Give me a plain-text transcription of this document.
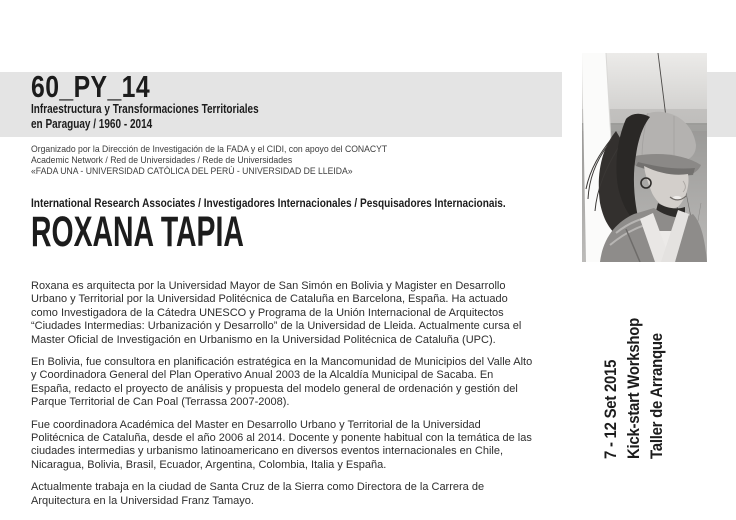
60_PY_14
Infraestructura y Transformaciones Territoriales
en Paraguay / 1960 - 2014
Organizado por la Dirección de Investigación de la FADA y el CIDI, con apoyo del CONACYT
Academic Network / Red de Universidades / Rede de Universidades
«FADA UNA - UNIVERSIDAD CATÓLICA DEL PERÚ - UNIVERSIDAD DE LLEIDA»
International Research Associates / Investigadores Internacionales / Pesquisadores Internacionais.
ROXANA TAPIA

Roxana es arquitecta por la Universidad Mayor de San Simón en Bolivia y Magister en Desarrollo Urbano y Territorial por la Universidad Politécnica de Cataluña en Barcelona, España. Ha actuado como Investigadora de la Cátedra UNESCO y Programa de la Unión Internacional de Arquitectos “Ciudades Intermedias: Urbanización y Desarrollo” de la Universidad de Lleida. Actualmente cursa el Master Oficial de Investigación en Urbanismo en la Universidad Politécnica de Cataluña (UPC).

En Bolivia, fue consultora en planificación estratégica en la Mancomunidad de Municipios del Valle Alto y Coordinadora General del Plan Operativo Anual 2003 de la Alcaldía Municipal de Sacaba. En España, redacto el proyecto de análisis y propuesta del modelo general de ordenación y gestión del Parque Territorial de Can Poal (Terrassa 2007-2008).

Fue coordinadora Académica del Master en Desarrollo Urbano y Territorial de la Universidad Politécnica de Cataluña, desde el año 2006 al 2014. Docente y ponente habitual con la temática de las ciudades intermedias y urbanismo latinoamericano en diversos eventos internacionales en Chile, Nicaragua, Bolivia, Brasil, Ecuador, Argentina, Colombia, Italia y España.

Actualmente trabaja en la ciudad de Santa Cruz de la Sierra como Directora de la Carrera de Arquitectura en la Universidad Franz Tamayo.

7 - 12 Set 2015 Kick-start Workshop Taller de Arranque
